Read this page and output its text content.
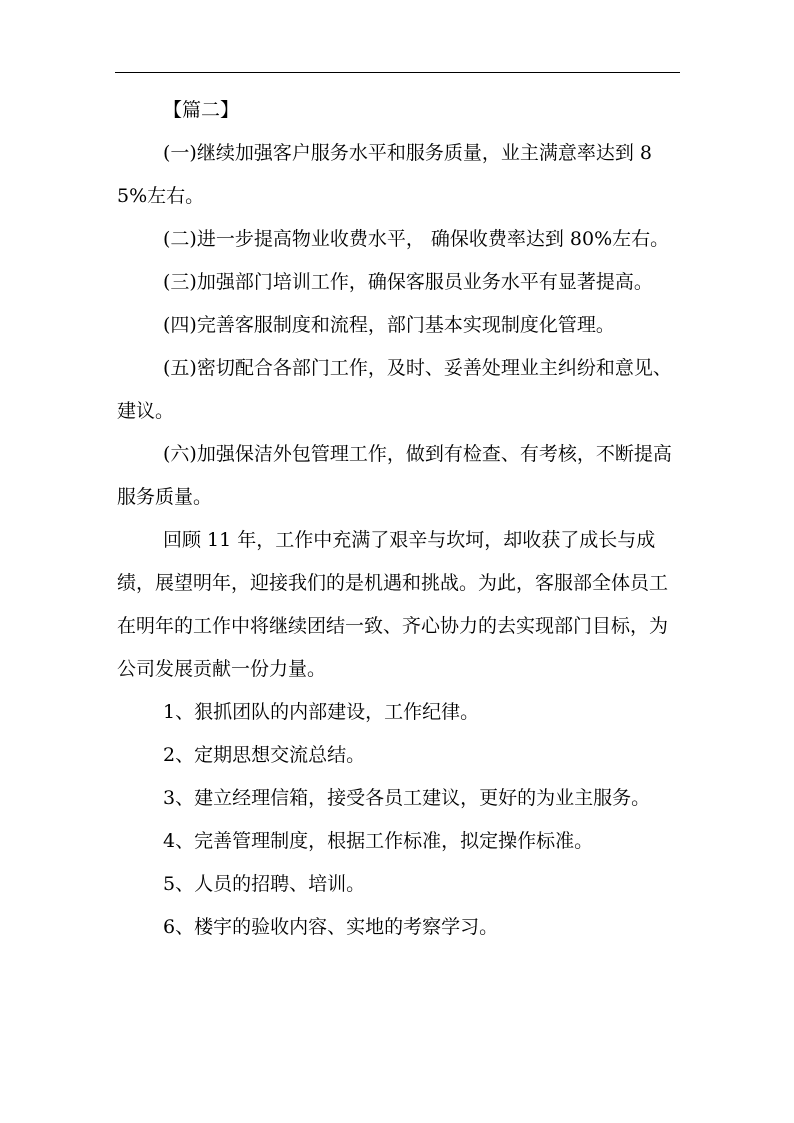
【篇二】

(一)继续加强客户服务水平和服务质量，业主满意率达到 85%左右。

(二)进一步提高物业收费水平， 确保收费率达到 80%左右。

(三)加强部门培训工作，确保客服员业务水平有显著提高。

(四)完善客服制度和流程，部门基本实现制度化管理。

(五)密切配合各部门工作，及时、妥善处理业主纠纷和意见、建议。

(六)加强保洁外包管理工作，做到有检查、有考核，不断提高服务质量。

回顾 11 年，工作中充满了艰辛与坎坷，却收获了成长与成绩，展望明年，迎接我们的是机遇和挑战。为此，客服部全体员工在明年的工作中将继续团结一致、齐心协力的去实现部门目标，为公司发展贡献一份力量。

1、狠抓团队的内部建设，工作纪律。

2、定期思想交流总结。

3、建立经理信箱，接受各员工建议，更好的为业主服务。

4、完善管理制度，根据工作标准，拟定操作标准。

5、人员的招聘、培训。

6、楼宇的验收内容、实地的考察学习。
